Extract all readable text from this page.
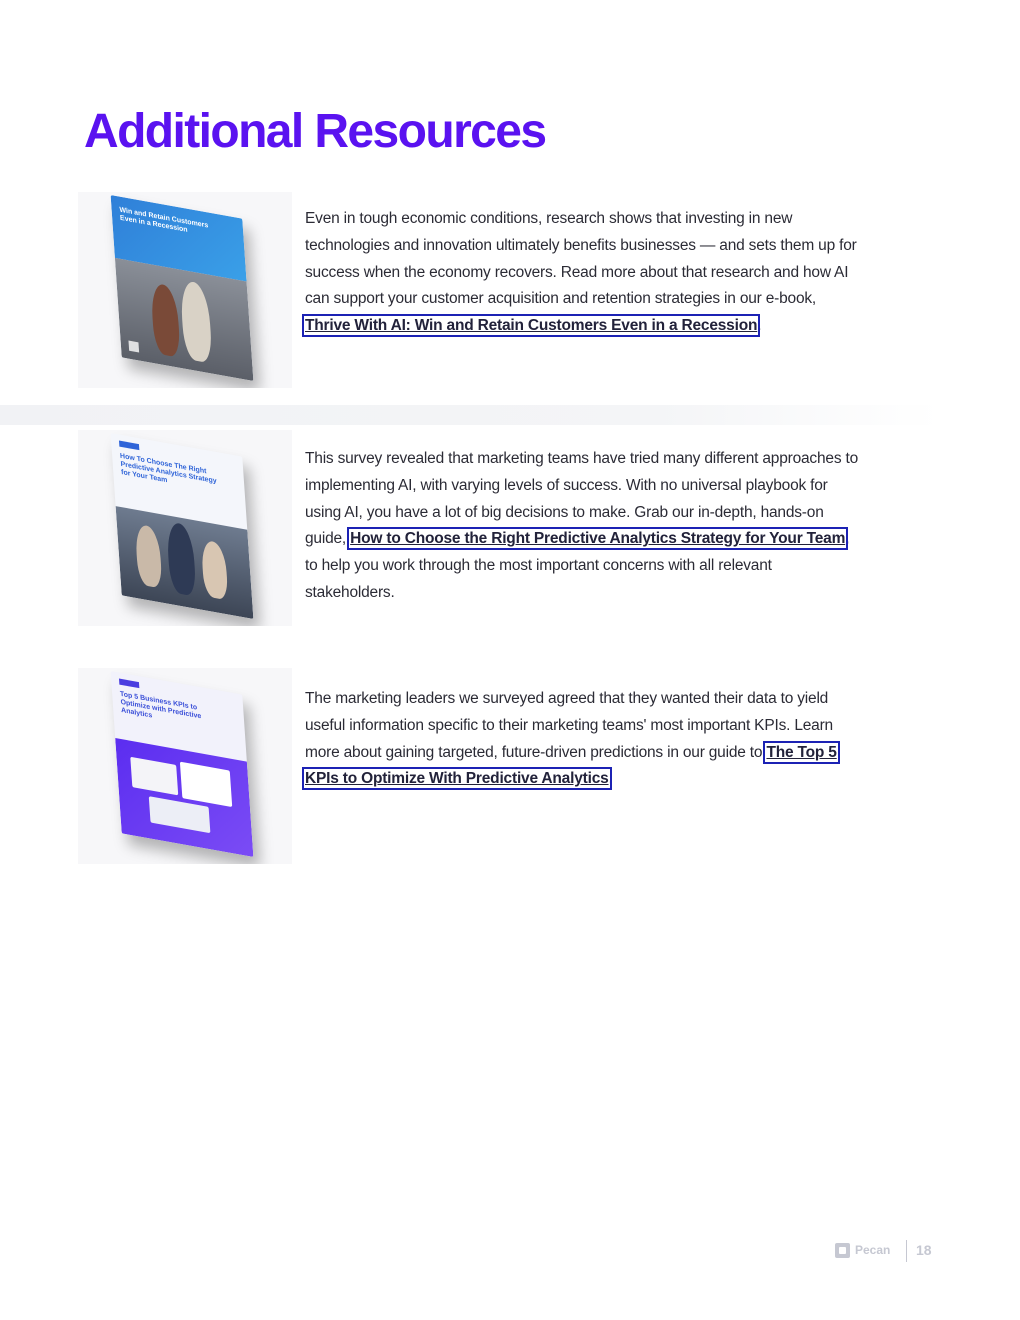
Additional Resources
Win and Retain Customers Even in a Recession	Even in tough economic conditions, research shows that investing in new technologies and innovation ultimately benefits businesses — and sets them up for success when the economy recovers. Read more about that research and how AI can support your customer acquisition and retention strategies in our e-book, Thrive With AI: Win and Retain Customers Even in a Recession.
How To Choose The Right Predictive Analytics Strategy for Your Team
This survey revealed that marketing teams have tried many different approaches to implementing AI, with varying levels of success. With no universal playbook for using AI, you have a lot of big decisions to make. Grab our in-depth, hands-on guide, How to Choose the Right Predictive Analytics Strategy for Your Team, to help you work through the most important concerns with all relevant stakeholders.
Top 5 Business KPIs to Optimize with Predictive Analytics
The marketing leaders we surveyed agreed that they wanted their data to yield useful information specific to their marketing teams' most important KPIs. Learn more about gaining targeted, future-driven predictions in our guide to The Top 5 KPIs to Optimize With Predictive Analytics.
Pecan 18
